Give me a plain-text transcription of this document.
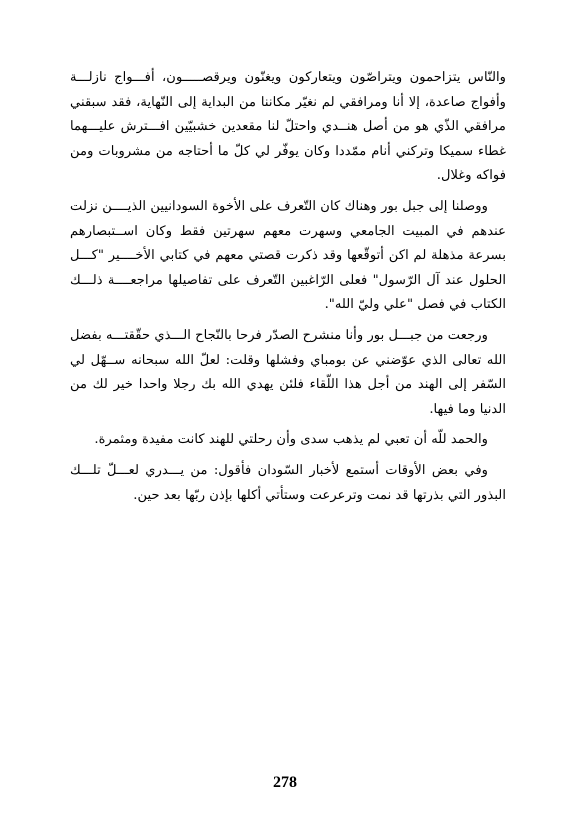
والنّاس يتزاحمون ويتراصّون ويتعاركون ويغنّون ويرقصـــــون، أفـــواج نازلـــة وأفواج صاعدة، إلا أنا ومرافقي لم نغيّر مكاننا من البداية إلى النّهاية، فقد سبقني مرافقي الذّي هو من أصل هنــدي واحتلّ لنا مقعدين خشبيّين افـــترش عليـــهما غطاء سميكا وتركني أنام ممّددا وكان يوفّر لي كلّ ما أحتاجه من مشروبات ومن فواكه وغلال.

ووصلنا إلى جبل بور وهناك كان التّعرف على الأخوة السودانيين الذيــــن نزلت عندهم في المبيت الجامعي وسهرت معهم سهرتين فقط وكان اســتبصارهم بسرعة مذهلة لم اكن أتوقّعها وقد ذكرت قصتي معهم في كتابي الأخــــير "كـــل الحلول عند آل الرّسول" فعلى الرّاغبين التّعرف على تفاصيلها مراجعــــة ذلـــك الكتاب في فصل "علي وليّ الله".

ورجعت من جبـــل بور وأنا منشرح الصدّر فرحا بالنّجاح الـــذي حقّقتـــه بفضل الله تعالى الذي عوّضني عن بومباي وفشلها وقلت: لعلّ الله سبحانه ســهّل لي السّفر إلى الهند من أجل هذا اللّقاء فلئن يهدي الله بك رجلا واحدا خير لك من الدنيا وما فيها.

والحمد للّه أن تعبي لم يذهب سدى وأن رحلتي للهند كانت مفيدة ومثمرة.

وفي بعض الأوقات أستمع لأخبار السّودان فأقول: من يـــدري لعـــلّ تلـــك البذور التي بذرتها قد نمت وترعرعت وستأتي أكلها بإذن ربّها بعد حين.

278
